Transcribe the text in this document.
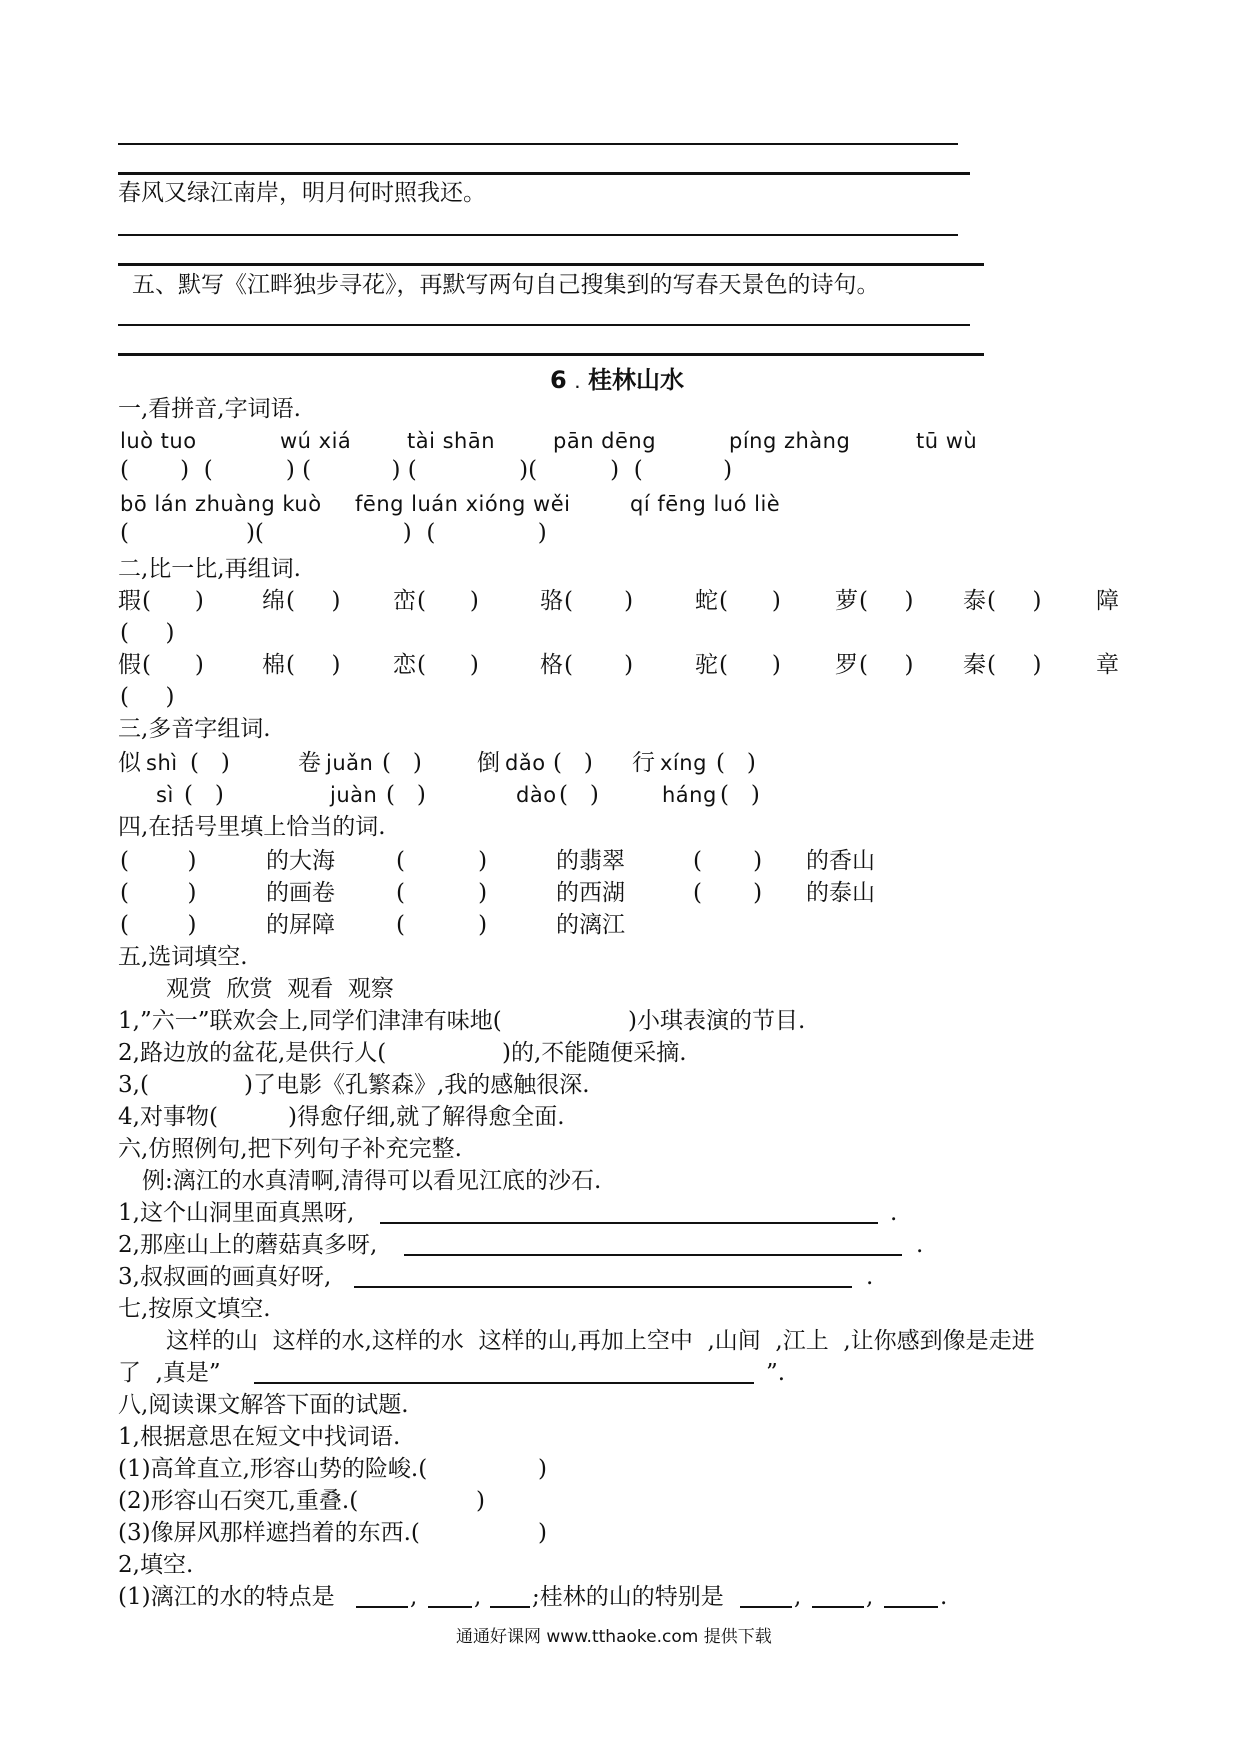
春风又绿江南岸，明月何时照我还。
五、默写《江畔独步寻花》，再默写两句自己搜集到的写春天景色的诗句。
6 . 桂林山水
一,看拼音,字词语.
luò tuo	wú xiá	tài shān	pān dēng	píng zhàng	tū wù
(       )  (          ) (           ) (              )(          )  (           )
bō lán zhuàng kuò fēng luán xióng wěi	qí fēng luó liè
(                )(                   )  (              )
二,比一比,再组词.
瑕 (      )	绵 (     ) 峦 (      )	骆 (       )	蛇 (      ) 萝 (     ) 泰 (     ) 障
(     )
假 (      )	棉 (     ) 恋 (      )	格 (       )	驼 (      ) 罗 (     ) 秦 (     ) 章
(     )
三,多音字组词.
似 shì (   )	卷 juǎn (   ) 倒 dǎo (   ) 行 xíng (   )
sì (   )	juàn (   )	dào (   )	háng (   )
四,在括号里填上恰当的词.
(        )	的大海	(          )	的翡翠	(       ) 的香山
(        )	的画卷	(          )	的西湖	(       ) 的泰山
(        )	的屏障	(          )	的漓江
五,选词填空.
观赏  欣赏  观看  观察
1,”六一”联欢会上,同学们津津有味地(	)小琪表演的节目.
2,路边放的盆花,是供行人(	)的,不能随便采摘.
3,(	)了电影《孔繁森》,我的感触很深.
4,对事物(	)得愈仔细,就了解得愈全面.
六,仿照例句,把下列句子补充完整.
例:漓江的水真清啊,清得可以看见江底的沙石.
1,这个山洞里面真黑呀,	.
2,那座山上的蘑菇真多呀,	.
3,叔叔画的画真好呀,	.
七,按原文填空.
这样的山  这样的水,这样的水  这样的山,再加上空中  ,山间  ,江上  ,让你感到像是走进
了  ,真是”	”.
八,阅读课文解答下面的试题.
1,根据意思在短文中找词语.
(1)高耸直立,形容山势的险峻.(	)
(2)形容山石突兀,重叠.(	)
(3)像屏风那样遮挡着的东西.(	)
2,填空.
(1)漓江的水的特点是	, , ;桂林的山的特别是	,	,	.
通通好课网 www.tthaoke.com 提供下载
